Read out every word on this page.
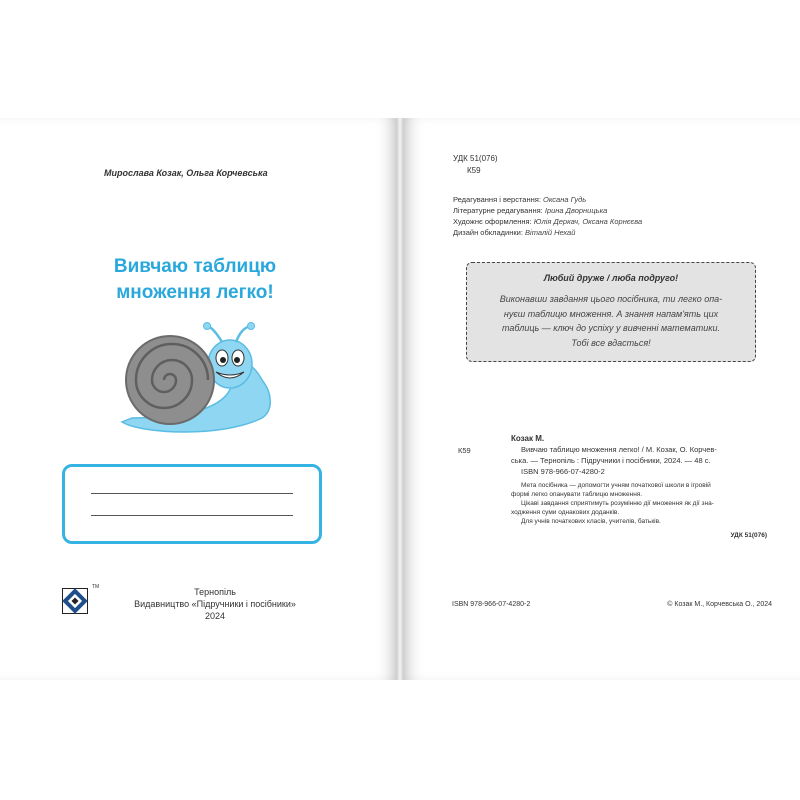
Мирослава Козак, Ольга Корчевська
Вивчаю таблицю
множення легко!
ТМ	Тернопіль
Видавництво «Підручники і посібники»
2024
УДК 51(076)
К59
Редагування і верстання: Оксана Гудь
Літературне редагування: Ірина Дворницька
Художнє оформлення: Юлія Деркач, Оксана Корнєєва
Дизайн обкладинки: Віталій Нехай
Любий друже / люба подруго!
Виконавши завдання цього посібника, ти легко опа-
нуєш таблицю множення. А знання напам'ять цих
таблиць — ключ до успіху у вивченні математики.
Тобі все вдасться!
К59

Козак М.

Вивчаю таблицю множення легко! / М. Козак, О. Корчев-

ська. — Тернопіль : Підручники і посібники, 2024. — 48 с.

ISBN 978-966-07-4280-2

Мета посібника — допомогти учням початкової школи в ігровій

формі легко опанувати таблицю множення.

Цікаві завдання сприятимуть розумінню дії множення як дії зна-

ходження суми однакових доданків.

Для учнів початкових класів, учителів, батьків.

УДК 51(076)
ISBN 978-966-07-4280-2	© Козак М., Корчевська О., 2024
